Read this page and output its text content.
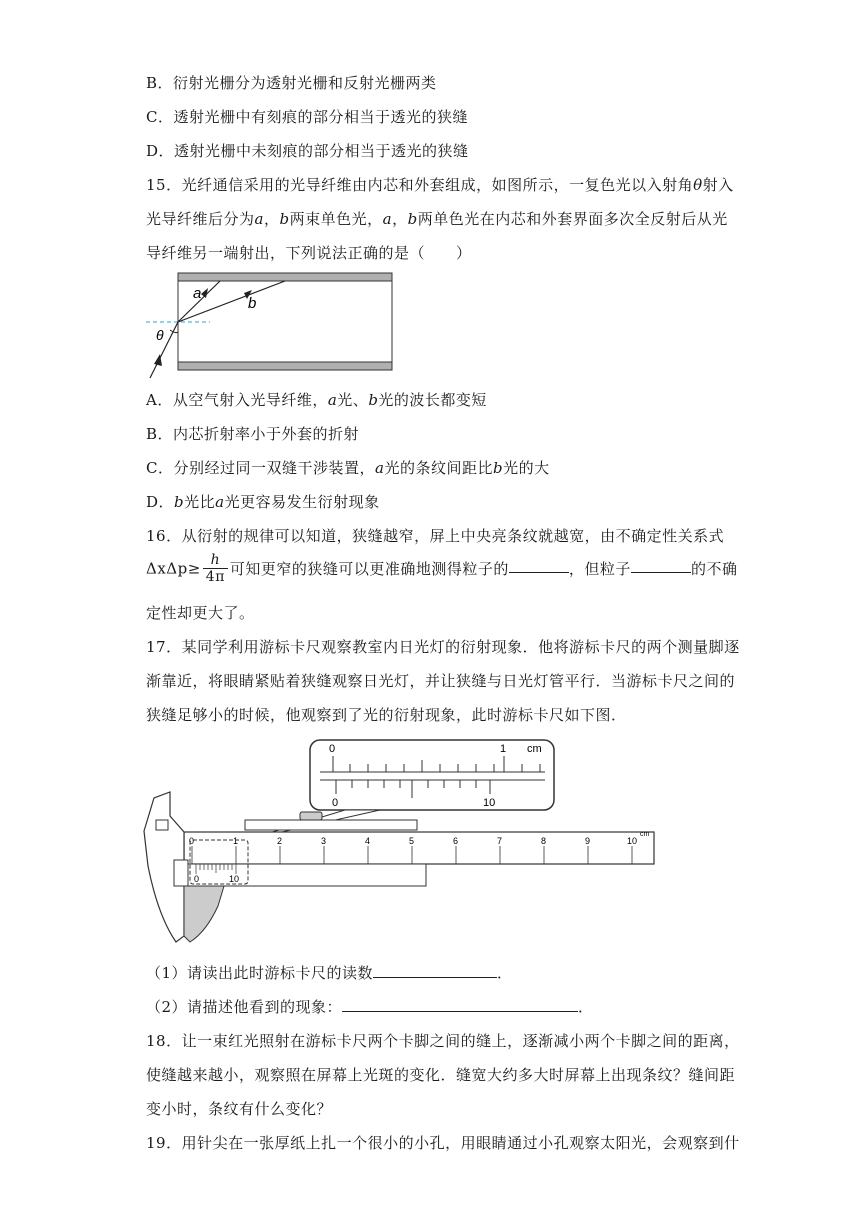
B．衍射光栅分为透射光栅和反射光栅两类
C．透射光栅中有刻痕的部分相当于透光的狭缝
D．透射光栅中未刻痕的部分相当于透光的狭缝
15．光纤通信采用的光导纤维由内芯和外套组成，如图所示，一复色光以入射角θ射入
光导纤维后分为a，b两束单色光，a，b两单色光在内芯和外套界面多次全反射后从光
导纤维另一端射出，下列说法正确的是（　　）
a
b
θ
A．从空气射入光导纤维，a光、b光的波长都变短
B．内芯折射率小于外套的折射
C．分别经过同一双缝干涉装置，a光的条纹间距比b光的大
D．b光比a光更容易发生衍射现象
16．从衍射的规律可以知道，狭缝越窄，屏上中央亮条纹就越宽，由不确定性关系式
$\Delta x\Delta p\ge \frac{h}{4\pi}$ 可知更窄的狭缝可以更准确地测得粒子的	，但粒子	的不确
定性却更大了。
17．某同学利用游标卡尺观察教室内日光灯的衍射现象．他将游标卡尺的两个测量脚逐
渐靠近，将眼睛紧贴着狭缝观察日光灯，并让狭缝与日光灯管平行．当游标卡尺之间的
狭缝足够小的时候，他观察到了光的衍射现象，此时游标卡尺如下图．
0	1 cm
0	10
0	1	2	3	4	5	6	7	8	9	10
cm
0	10
（1）请读出此时游标卡尺的读数	．
（2）请描述他看到的现象：	．
18．让一束红光照射在游标卡尺两个卡脚之间的缝上，逐渐减小两个卡脚之间的距离，
使缝越来越小，观察照在屏幕上光斑的变化．缝宽大约多大时屏幕上出现条纹？缝间距
变小时，条纹有什么变化？
19．用针尖在一张厚纸上扎一个很小的小孔，用眼睛通过小孔观察太阳光，会观察到什
